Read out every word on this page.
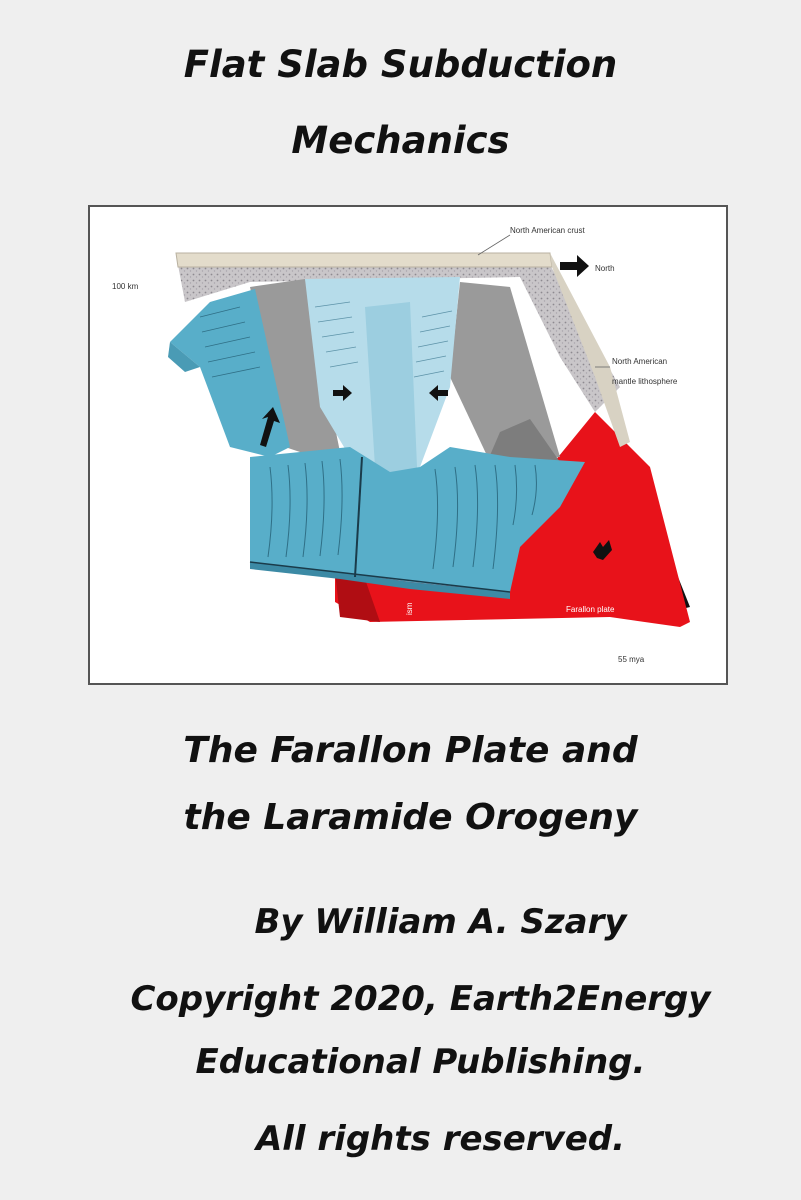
Flat Slab Subduction
Mechanics
North American crust
North
100 km
North American
mantle lithosphere
Farallon plate
55 mya
ism
The Farallon Plate and
the Laramide Orogeny
By William A. Szary
Copyright 2020, Earth2Energy
Educational Publishing.
All rights reserved.
